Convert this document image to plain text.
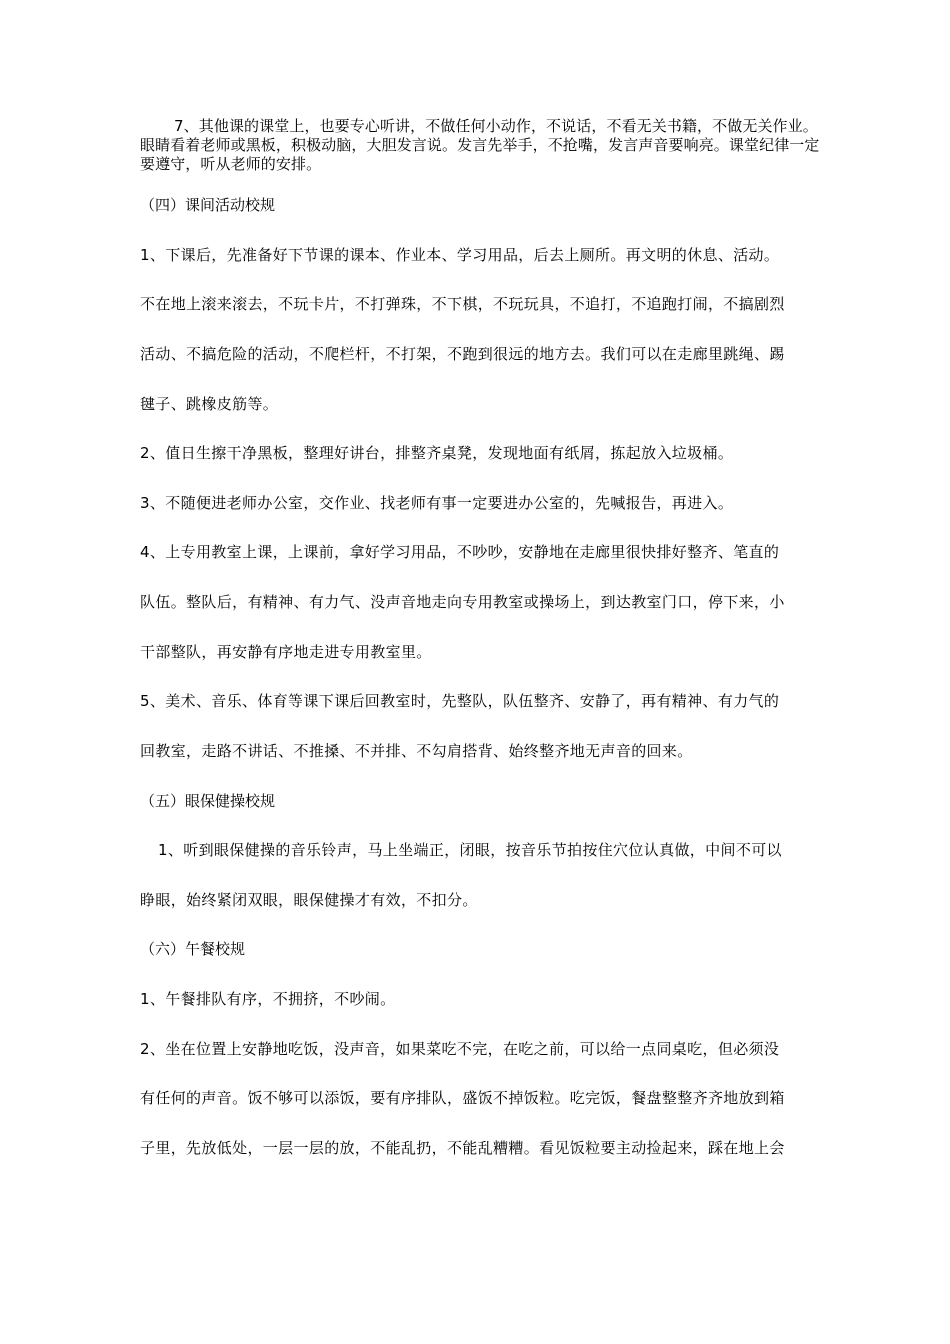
7、其他课的课堂上，也要专心听讲，不做任何小动作，不说话，不看无关书籍，不做无关作业。眼睛看着老师或黑板，积极动脑，大胆发言说。发言先举手，不抢嘴，发言声音要响亮。课堂纪律一定要遵守，听从老师的安排。
（四）课间活动校规
1、下课后，先准备好下节课的课本、作业本、学习用品，后去上厕所。再文明的休息、活动。
不在地上滚来滚去，不玩卡片，不打弹珠，不下棋，不玩玩具，不追打，不追跑打闹，不搞剧烈
活动、不搞危险的活动，不爬栏杆，不打架，不跑到很远的地方去。我们可以在走廊里跳绳、踢
毽子、跳橡皮筋等。
2、值日生擦干净黑板，整理好讲台，排整齐桌凳，发现地面有纸屑，拣起放入垃圾桶。
3、不随便进老师办公室，交作业、找老师有事一定要进办公室的，先喊报告，再进入。
4、上专用教室上课，上课前，拿好学习用品，不吵吵，安静地在走廊里很快排好整齐、笔直的
队伍。整队后，有精神、有力气、没声音地走向专用教室或操场上，到达教室门口，停下来，小
干部整队，再安静有序地走进专用教室里。
5、美术、音乐、体育等课下课后回教室时，先整队，队伍整齐、安静了，再有精神、有力气的
回教室，走路不讲话、不推搡、不并排、不勾肩搭背、始终整齐地无声音的回来。
（五）眼保健操校规
1、听到眼保健操的音乐铃声，马上坐端正，闭眼，按音乐节拍按住穴位认真做，中间不可以
睁眼，始终紧闭双眼，眼保健操才有效，不扣分。
（六）午餐校规
1、午餐排队有序，不拥挤，不吵闹。
2、坐在位置上安静地吃饭，没声音，如果菜吃不完，在吃之前，可以给一点同桌吃，但必须没
有任何的声音。饭不够可以添饭，要有序排队，盛饭不掉饭粒。吃完饭，餐盘整整齐齐地放到箱
子里，先放低处，一层一层的放，不能乱扔，不能乱糟糟。看见饭粒要主动捡起来，踩在地上会
